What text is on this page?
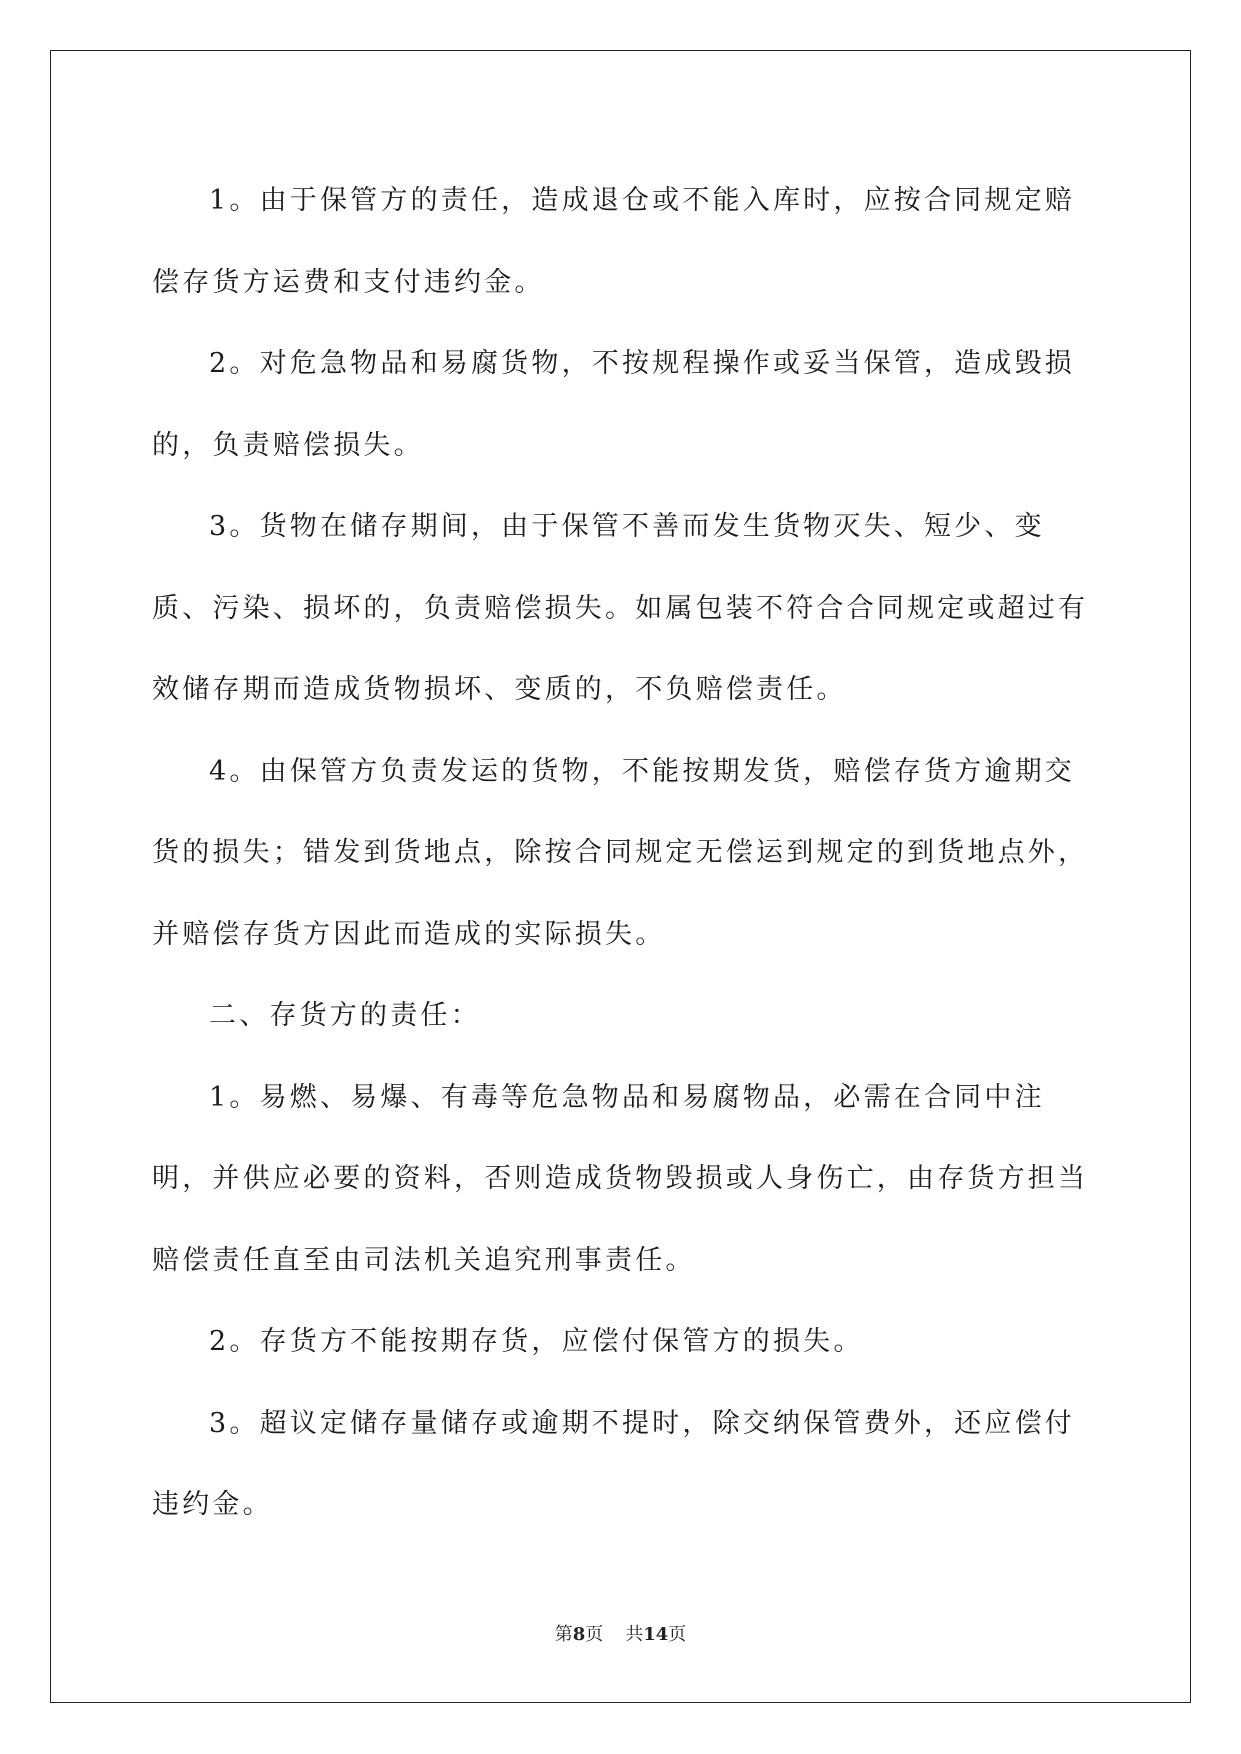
1。由于保管方的责任，造成退仓或不能入库时，应按合同规定赔偿存货方运费和支付违约金。

2。对危急物品和易腐货物，不按规程操作或妥当保管，造成毁损的，负责赔偿损失。

3。货物在储存期间，由于保管不善而发生货物灭失、短少、变质、污染、损坏的，负责赔偿损失。如属包装不符合合同规定或超过有效储存期而造成货物损坏、变质的，不负赔偿责任。

4。由保管方负责发运的货物，不能按期发货，赔偿存货方逾期交货的损失；错发到货地点，除按合同规定无偿运到规定的到货地点外，并赔偿存货方因此而造成的实际损失。

二、存货方的责任：

1。易燃、易爆、有毒等危急物品和易腐物品，必需在合同中注明，并供应必要的资料，否则造成货物毁损或人身伤亡，由存货方担当赔偿责任直至由司法机关追究刑事责任。

2。存货方不能按期存货，应偿付保管方的损失。

3。超议定储存量储存或逾期不提时，除交纳保管费外，还应偿付违约金。

第8页 共14页
